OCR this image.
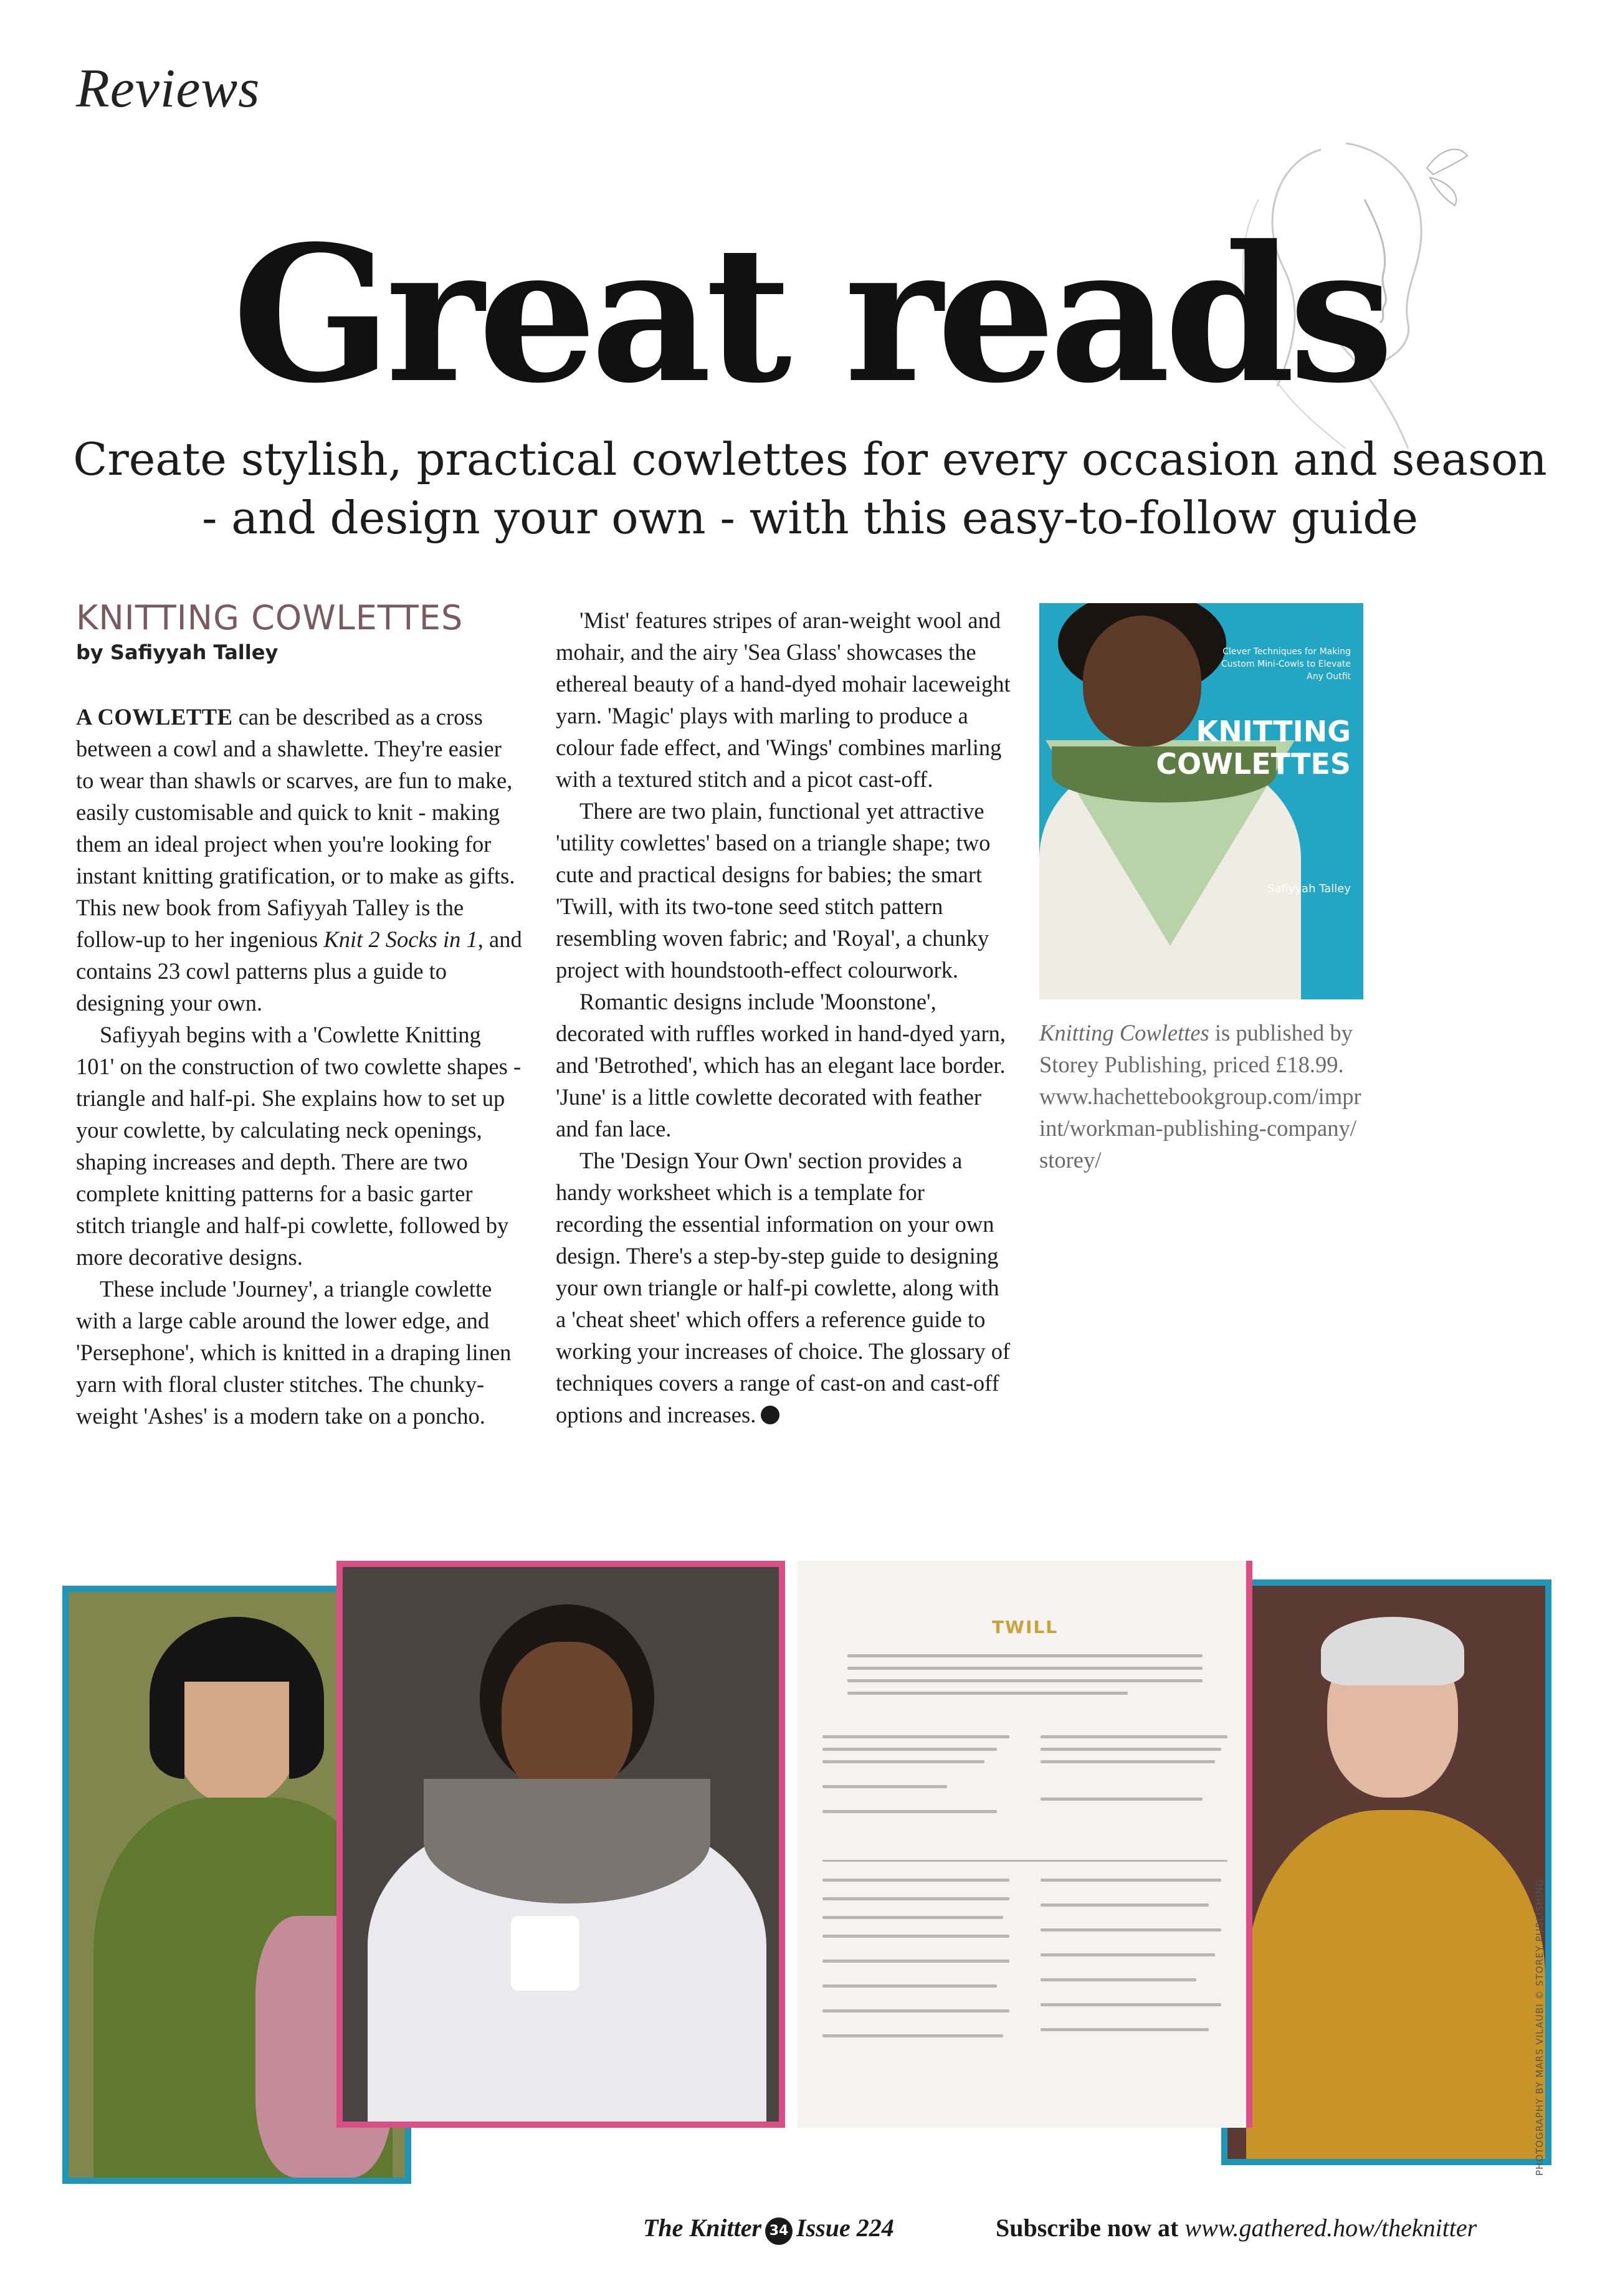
Reviews
Great reads
Create stylish, practical cowlettes for every occasion and season
- and design your own - with this easy-to-follow guide
KNITTING COWLETTES
by Safiyyah Talley

A COWLETTE can be described as a cross between a cowl and a shawlette. They're easier to wear than shawls or scarves, are fun to make, easily customisable and quick to knit - making them an ideal project when you're looking for instant knitting gratification, or to make as gifts. This new book from Safiyyah Talley is the follow-up to her ingenious Knit 2 Socks in 1, and contains 23 cowl patterns plus a guide to designing your own.

Safiyyah begins with a 'Cowlette Knitting 101' on the construction of two cowlette shapes - triangle and half-pi. She explains how to set up your cowlette, by calculating neck openings, shaping increases and depth. There are two complete knitting patterns for a basic garter stitch triangle and half-pi cowlette, followed by more decorative designs.

These include 'Journey', a triangle cowlette with a large cable around the lower edge, and 'Persephone', which is knitted in a draping linen yarn with floral cluster stitches. The chunky-weight 'Ashes' is a modern take on a poncho.

'Mist' features stripes of aran-weight wool and mohair, and the airy 'Sea Glass' showcases the ethereal beauty of a hand-dyed mohair laceweight yarn. 'Magic' plays with marling to produce a colour fade effect, and 'Wings' combines marling with a textured stitch and a picot cast-off.

There are two plain, functional yet attractive 'utility cowlettes' based on a triangle shape; two cute and practical designs for babies; the smart 'Twill, with its two-tone seed stitch pattern resembling woven fabric; and 'Royal', a chunky project with houndstooth-effect colourwork.

Romantic designs include 'Moonstone', decorated with ruffles worked in hand-dyed yarn, and 'Betrothed', which has an elegant lace border. 'June' is a little cowlette decorated with feather and fan lace.

The 'Design Your Own' section provides a handy worksheet which is a template for recording the essential information on your own design. There's a step-by-step guide to designing your own triangle or half-pi cowlette, along with a 'cheat sheet' which offers a reference guide to working your increases of choice. The glossary of techniques covers a range of cast-on and cast-off options and increases.

Clever Techniques for Making Custom Mini-Cowls to Elevate Any Outfit
KNITTING
COWLETTES
Safiyyah Talley
Knitting Cowlettes is published by Storey Publishing, priced £18.99.
www.hachettebookgroup.com/imprint/workman-publishing-company/storey/
TWILL
PHOTOGRAPHY BY MARS VILAUBI © STOREY PUBLISHING
The Knitter 34 Issue 224	Subscribe now at www.gathered.how/theknitter
